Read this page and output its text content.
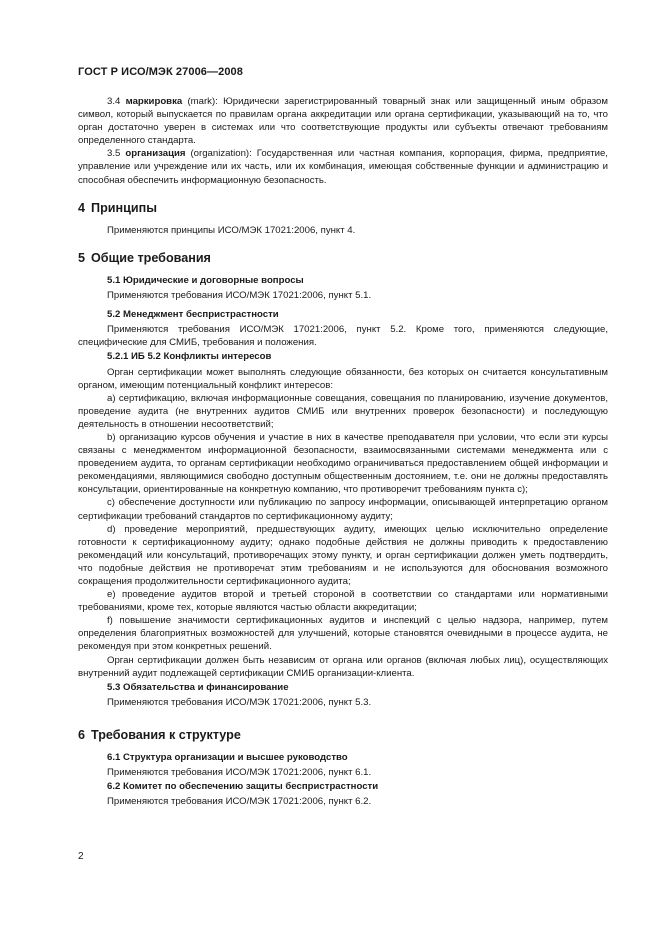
ГОСТ Р ИСО/МЭК 27006—2008

3.4 маркировка (mark): Юридически зарегистрированный товарный знак или защищенный иным образом символ, который выпускается по правилам органа аккредитации или органа сертификации, указывающий на то, что орган достаточно уверен в системах или что соответствующие продукты или субъекты отвечают требованиям определенного стандарта.

3.5 организация (organization): Государственная или частная компания, корпорация, фирма, предприятие, управление или учреждение или их часть, или их комбинация, имеющая собственные функции и администрацию и способная обеспечить информационную безопасность.

4 Принципы

Применяются принципы ИСО/МЭК 17021:2006, пункт 4.

5 Общие требования

5.1 Юридические и договорные вопросы

Применяются требования ИСО/МЭК 17021:2006, пункт 5.1.

5.2 Менеджмент беспристрастности

Применяются требования ИСО/МЭК 17021:2006, пункт 5.2. Кроме того, применяются следующие, специфические для СМИБ, требования и положения.

5.2.1 ИБ 5.2 Конфликты интересов

Орган сертификации может выполнять следующие обязанности, без которых он считается консультативным органом, имеющим потенциальный конфликт интересов:

а) сертификацию, включая информационные совещания, совещания по планированию, изучение документов, проведение аудита (не внутренних аудитов СМИБ или внутренних проверок безопасности) и последующую деятельность в отношении несоответствий;

b) организацию курсов обучения и участие в них в качестве преподавателя при условии, что если эти курсы связаны с менеджментом информационной безопасности, взаимосвязанными системами менеджмента или с проведением аудита, то органам сертификации необходимо ограничиваться предоставлением общей информации и рекомендациями, являющимися свободно доступным общественным достоянием, т.е. они не должны предоставлять консультации, ориентированные на конкретную компанию, что противоречит требованиям пункта с);

с) обеспечение доступности или публикацию по запросу информации, описывающей интерпретацию органом сертификации требований стандартов по сертификационному аудиту;

d) проведение мероприятий, предшествующих аудиту, имеющих целью исключительно определение готовности к сертификационному аудиту; однако подобные действия не должны приводить к предоставлению рекомендаций или консультаций, противоречащих этому пункту, и орган сертификации должен уметь подтвердить, что подобные действия не противоречат этим требованиям и не используются для обоснования возможного сокращения продолжительности сертификационного аудита;

е) проведение аудитов второй и третьей стороной в соответствии со стандартами или нормативными требованиями, кроме тех, которые являются частью области аккредитации;

f) повышение значимости сертификационных аудитов и инспекций с целью надзора, например, путем определения благоприятных возможностей для улучшений, которые становятся очевидными в процессе аудита, не рекомендуя при этом конкретных решений.

Орган сертификации должен быть независим от органа или органов (включая любых лиц), осуществляющих внутренний аудит подлежащей сертификации СМИБ организации-клиента.

5.3 Обязательства и финансирование

Применяются требования ИСО/МЭК 17021:2006, пункт 5.3.

6 Требования к структуре

6.1 Структура организации и высшее руководство

Применяются требования ИСО/МЭК 17021:2006, пункт 6.1.

6.2 Комитет по обеспечению защиты беспристрастности

Применяются требования ИСО/МЭК 17021:2006, пункт 6.2.

2
